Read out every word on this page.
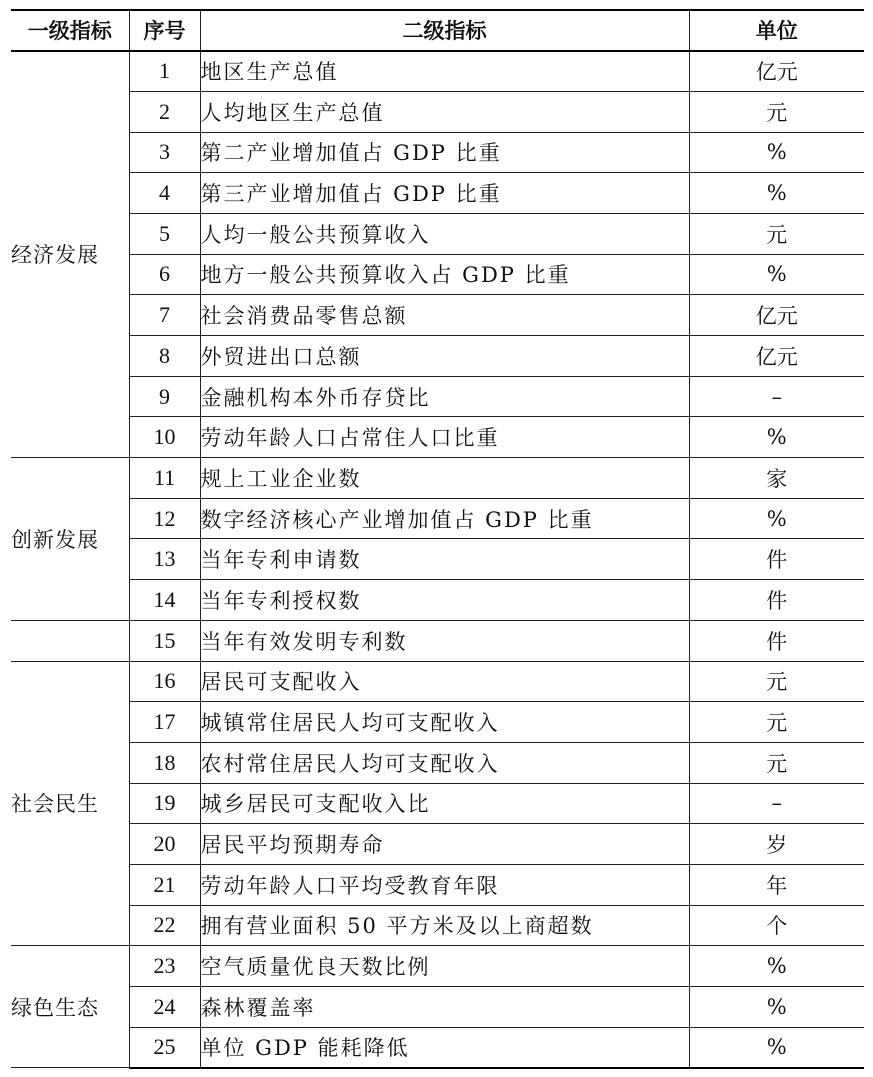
一级指标	序号	二级指标	单位
经济发展	1	地区生产总值	亿元
	2	人均地区生产总值	元
	3	第二产业增加值占 GDP 比重	%
	4	第三产业增加值占 GDP 比重	%
	5	人均一般公共预算收入	元
	6	地方一般公共预算收入占 GDP 比重	%
	7	社会消费品零售总额	亿元
	8	外贸进出口总额	亿元
	9	金融机构本外币存贷比	–
	10	劳动年龄人口占常住人口比重	%
创新发展	11	规上工业企业数	家
	12	数字经济核心产业增加值占 GDP 比重	%
	13	当年专利申请数	件
	14	当年专利授权数	件
	15	当年有效发明专利数	件
社会民生	16	居民可支配收入	元
	17	城镇常住居民人均可支配收入	元
	18	农村常住居民人均可支配收入	元
	19	城乡居民可支配收入比	–
	20	居民平均预期寿命	岁
	21	劳动年龄人口平均受教育年限	年
	22	拥有营业面积 50 平方米及以上商超数	个
绿色生态	23	空气质量优良天数比例	%
	24	森林覆盖率	%
	25	单位 GDP 能耗降低	%
